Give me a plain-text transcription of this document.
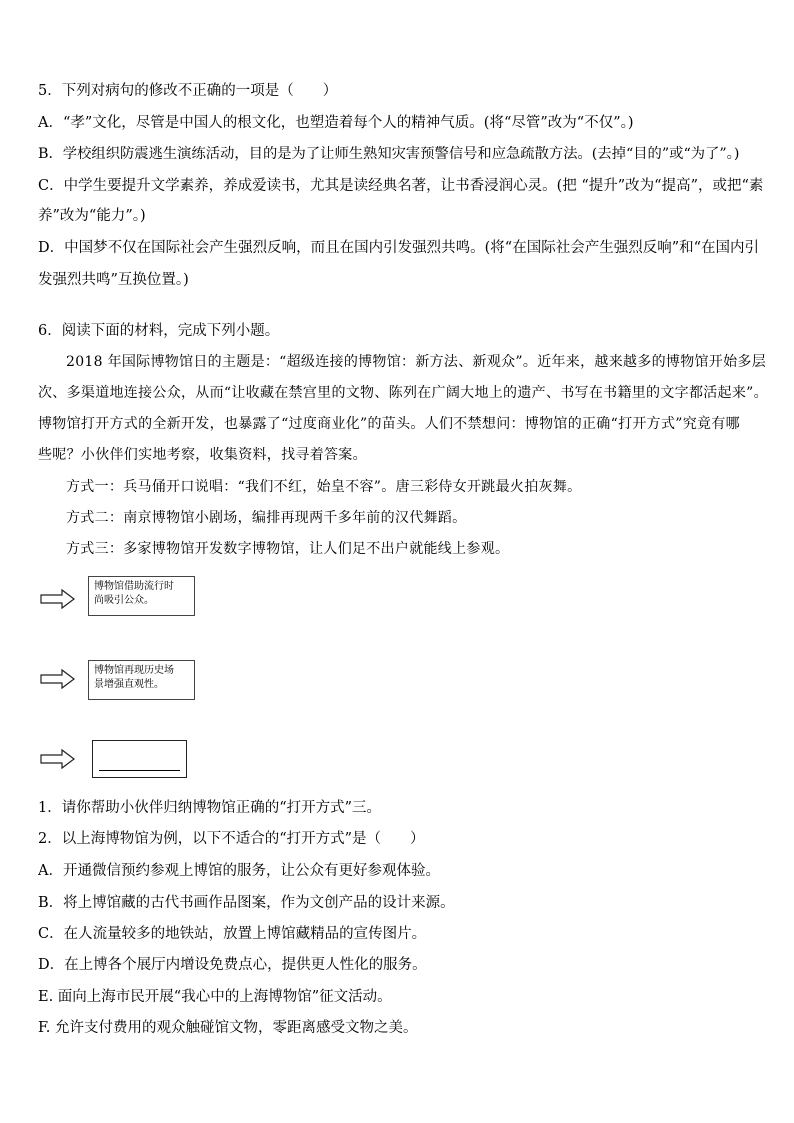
5．下列对病句的修改不正确的一项是（　　）
A．“孝”文化，尽管是中国人的根文化，也塑造着每个人的精神气质。(将“尽管”改为“不仅”。)
B．学校组织防震逃生演练活动，目的是为了让师生熟知灾害预警信号和应急疏散方法。(去掉“目的”或“为了”。)
C．中学生要提升文学素养，养成爱读书，尤其是读经典名著，让书香浸润心灵。(把 “提升”改为“提高”，或把“素
养”改为“能力”。)
D．中国梦不仅在国际社会产生强烈反响，而且在国内引发强烈共鸣。(将“在国际社会产生强烈反响”和“在国内引
发强烈共鸣”互换位置。)
6．阅读下面的材料，完成下列小题。
2018 年国际博物馆日的主题是：“超级连接的博物馆：新方法、新观众”。近年来，越来越多的博物馆开始多层
次、多渠道地连接公众，从而“让收藏在禁宫里的文物、陈列在广阔大地上的遗产、书写在书籍里的文字都活起来”。
博物馆打开方式的全新开发，也暴露了“过度商业化”的苗头。人们不禁想问：博物馆的正确“打开方式”究竟有哪
些呢？小伙伴们实地考察，收集资料，找寻着答案。
方式一：兵马俑开口说唱：“我们不红，始皇不容”。唐三彩侍女开跳最火拍灰舞。
方式二：南京博物馆小剧场，编排再现两千多年前的汉代舞蹈。
方式三：多家博物馆开发数字博物馆，让人们足不出户就能线上参观。
博物馆借助流行时
尚吸引公众。
博物馆再现历史场
景增强直观性。
1．请你帮助小伙伴归纳博物馆正确的“打开方式”三。
2．以上海博物馆为例，以下不适合的“打开方式”是（　　）
A．开通微信预约参观上博馆的服务，让公众有更好参观体验。
B．将上博馆藏的古代书画作品图案，作为文创产品的设计来源。
C．在人流量较多的地铁站，放置上博馆藏精品的宣传图片。
D．在上博各个展厅内增设免费点心，提供更人性化的服务。
E. 面向上海市民开展“我心中的上海博物馆”征文活动。
F. 允许支付费用的观众触碰馆文物，零距离感受文物之美。
